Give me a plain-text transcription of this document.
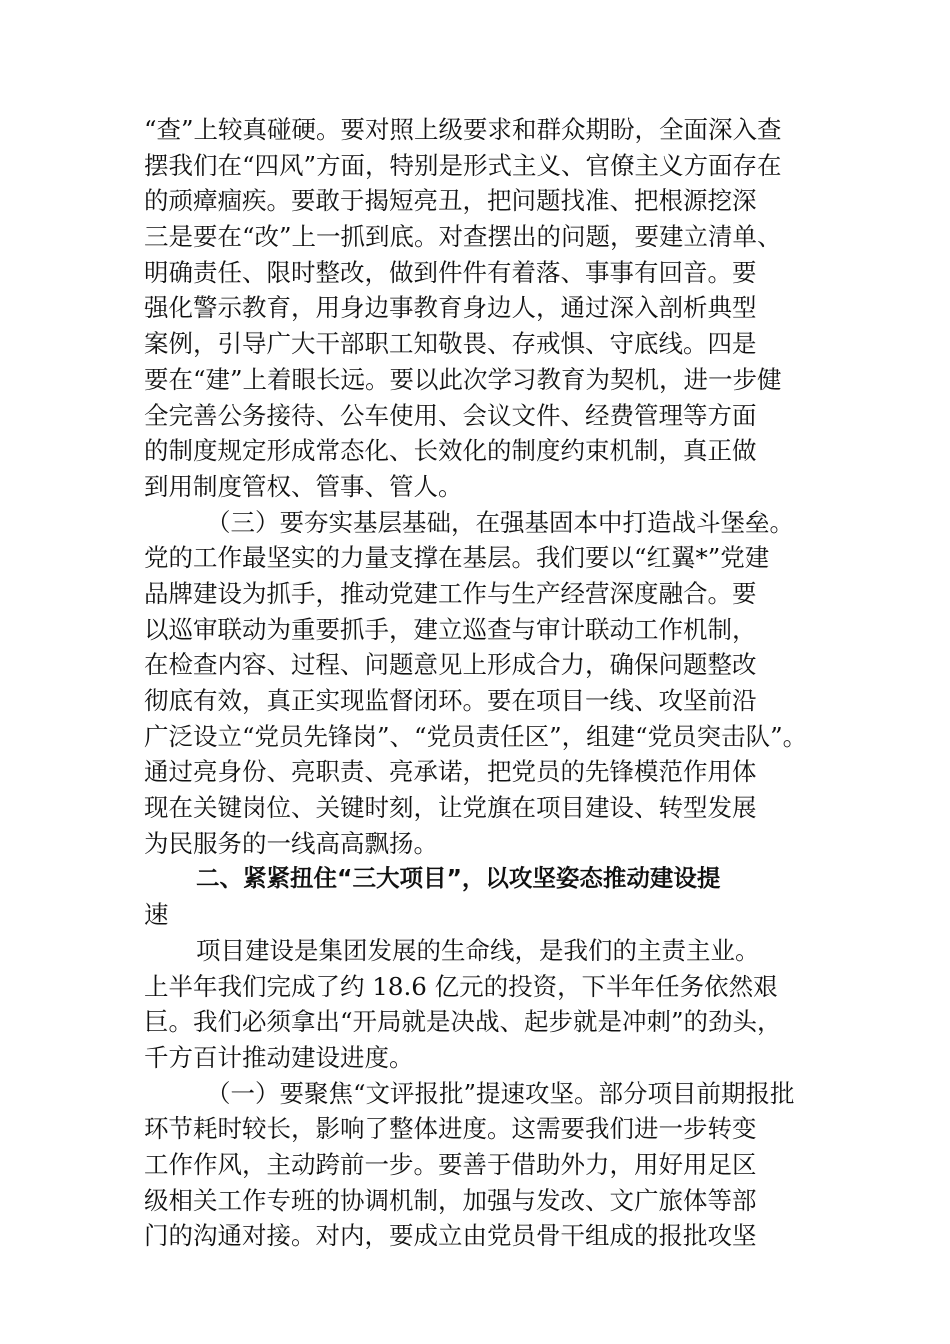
“查”上较真碰硬。要对照上级要求和群众期盼，全面深入查
摆我们在“四风”方面，特别是形式主义、官僚主义方面存在
的顽瘴痼疾。要敢于揭短亮丑，把问题找准、把根源挖深
三是要在“改”上一抓到底。对查摆出的问题，要建立清单、
明确责任、限时整改，做到件件有着落、事事有回音。要
强化警示教育，用身边事教育身边人，通过深入剖析典型
案例，引导广大干部职工知敬畏、存戒惧、守底线。四是
要在“建”上着眼长远。要以此次学习教育为契机，进一步健
全完善公务接待、公车使用、会议文件、经费管理等方面
的制度规定形成常态化、长效化的制度约束机制，真正做
到用制度管权、管事、管人。
（三）要夯实基层基础，在强基固本中打造战斗堡垒。
党的工作最坚实的力量支撑在基层。我们要以“红翼*”党建
品牌建设为抓手，推动党建工作与生产经营深度融合。要
以巡审联动为重要抓手，建立巡查与审计联动工作机制，
在检查内容、过程、问题意见上形成合力，确保问题整改
彻底有效，真正实现监督闭环。要在项目一线、攻坚前沿
广泛设立“党员先锋岗”、“党员责任区”，组建“党员突击队”。
通过亮身份、亮职责、亮承诺，把党员的先锋模范作用体
现在关键岗位、关键时刻，让党旗在项目建设、转型发展
为民服务的一线高高飘扬。
二、紧紧扭住“三大项目”，以攻坚姿态推动建设提
速
项目建设是集团发展的生命线，是我们的主责主业。
上半年我们完成了约 18.6 亿元的投资，下半年任务依然艰
巨。我们必须拿出“开局就是决战、起步就是冲刺”的劲头，
千方百计推动建设进度。
（一）要聚焦“文评报批”提速攻坚。部分项目前期报批
环节耗时较长，影响了整体进度。这需要我们进一步转变
工作作风，主动跨前一步。要善于借助外力，用好用足区
级相关工作专班的协调机制，加强与发改、文广旅体等部
门的沟通对接。对内，要成立由党员骨干组成的报批攻坚
